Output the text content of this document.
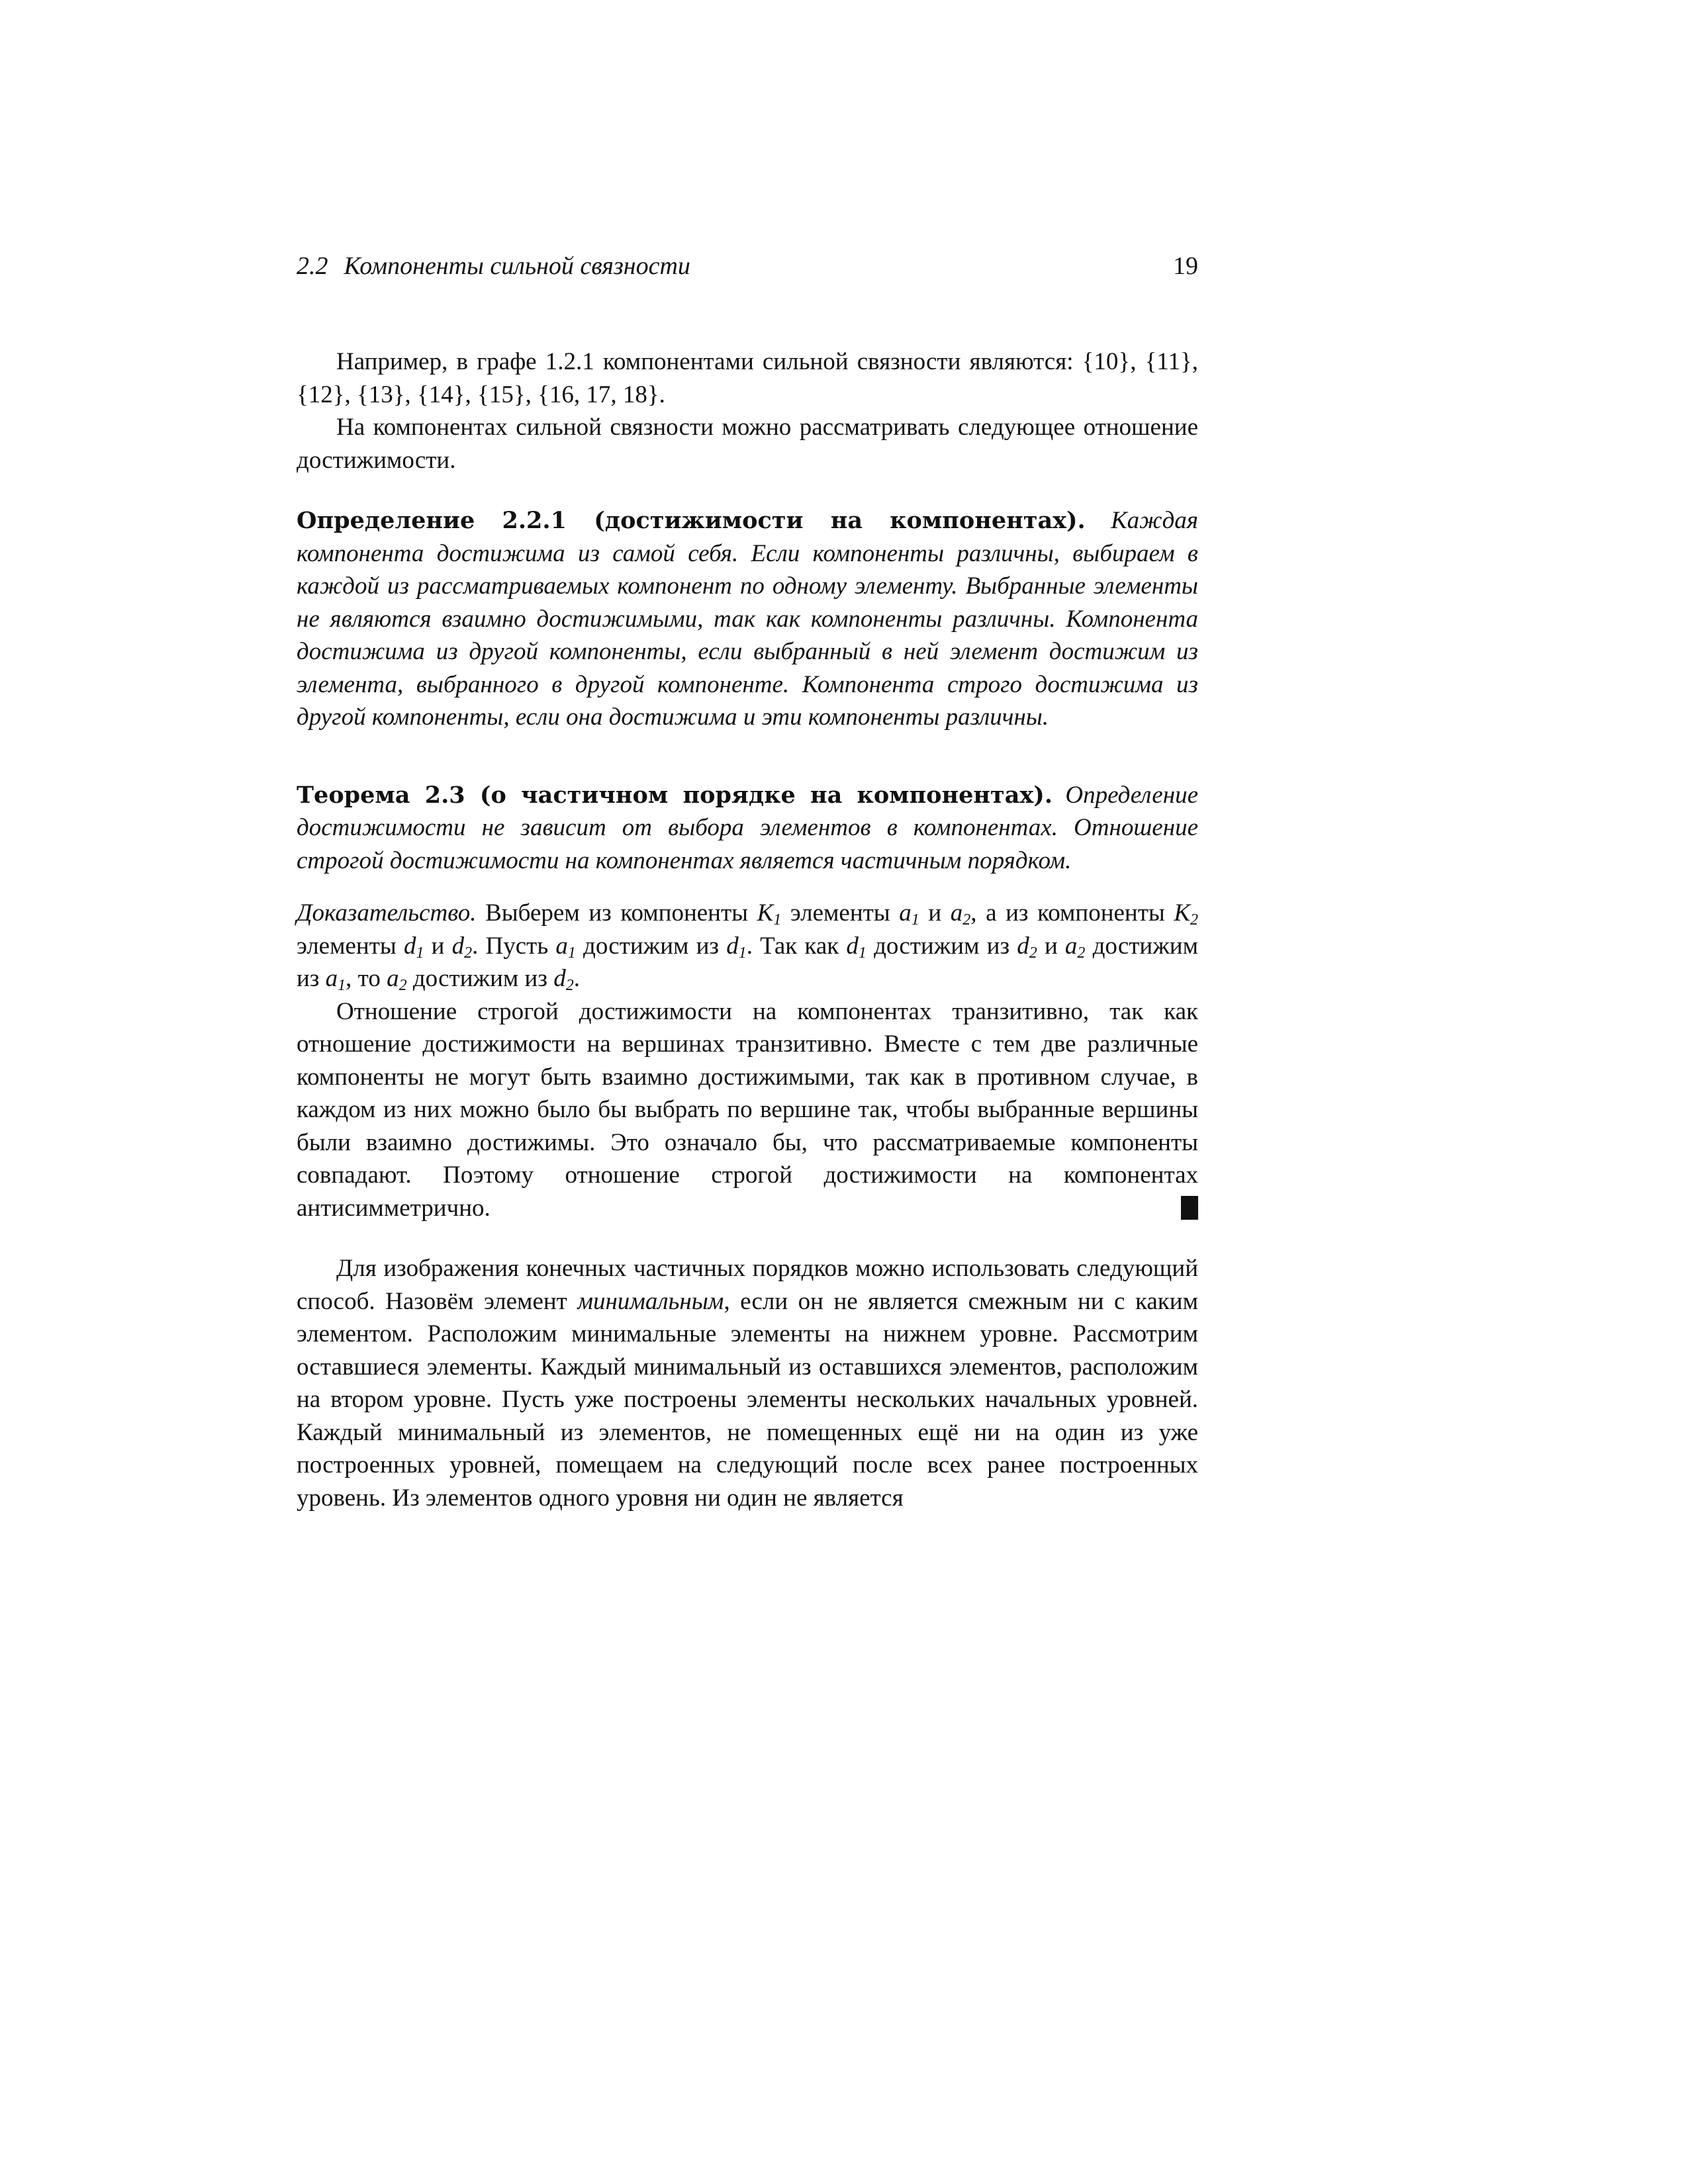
2.2 Компоненты сильной связности	19

Например, в графе 1.2.1 компонентами сильной связности являются: {10}, {11}, {12}, {13}, {14}, {15}, {16, 17, 18}.

На компонентах сильной связности можно рассматривать следующее отношение достижимости.

Определение 2.2.1 (достижимости на компонентах). Каждая компонента достижима из самой себя. Если компоненты различны, выбираем в каждой из рассматриваемых компонент по одному элементу. Выбранные элементы не являются взаимно достижимыми, так как компоненты различны. Компонента достижима из другой компоненты, если выбранный в ней элемент достижим из элемента, выбранного в другой компоненте. Компонента строго достижима из другой компоненты, если она достижима и эти компоненты различны.

Теорема 2.3 (о частичном порядке на компонентах). Определение достижимости не зависит от выбора элементов в компонентах. Отношение строгой достижимости на компонентах является частичным порядком.

Доказательство. Выберем из компоненты $K_1$ элементы $a_1$ и $a_2$, а из компоненты $K_2$ элементы $d_1$ и $d_2$. Пусть $a_1$ достижим из $d_1$. Так как $d_1$ достижим из $d_2$ и $a_2$ достижим из $a_1$, то $a_2$ достижим из $d_2$.

Отношение строгой достижимости на компонентах транзитивно, так как отношение достижимости на вершинах транзитивно. Вместе с тем две различные компоненты не могут быть взаимно достижимыми, так как в противном случае, в каждом из них можно было бы выбрать по вершине так, чтобы выбранные вершины были взаимно достижимы. Это означало бы, что рассматриваемые компоненты совпадают. Поэтому отношение строгой достижимости на компонентах антисимметрично.

Для изображения конечных частичных порядков можно использовать следующий способ. Назовём элемент минимальным, если он не является смежным ни с каким элементом. Расположим минимальные элементы на нижнем уровне. Рассмотрим оставшиеся элементы. Каждый минимальный из оставшихся элементов, расположим на втором уровне. Пусть уже построены элементы нескольких начальных уровней. Каждый минимальный из элементов, не помещенных ещё ни на один из уже построенных уровней, помещаем на следующий после всех ранее построенных уровень. Из элементов одного уровня ни один не является
